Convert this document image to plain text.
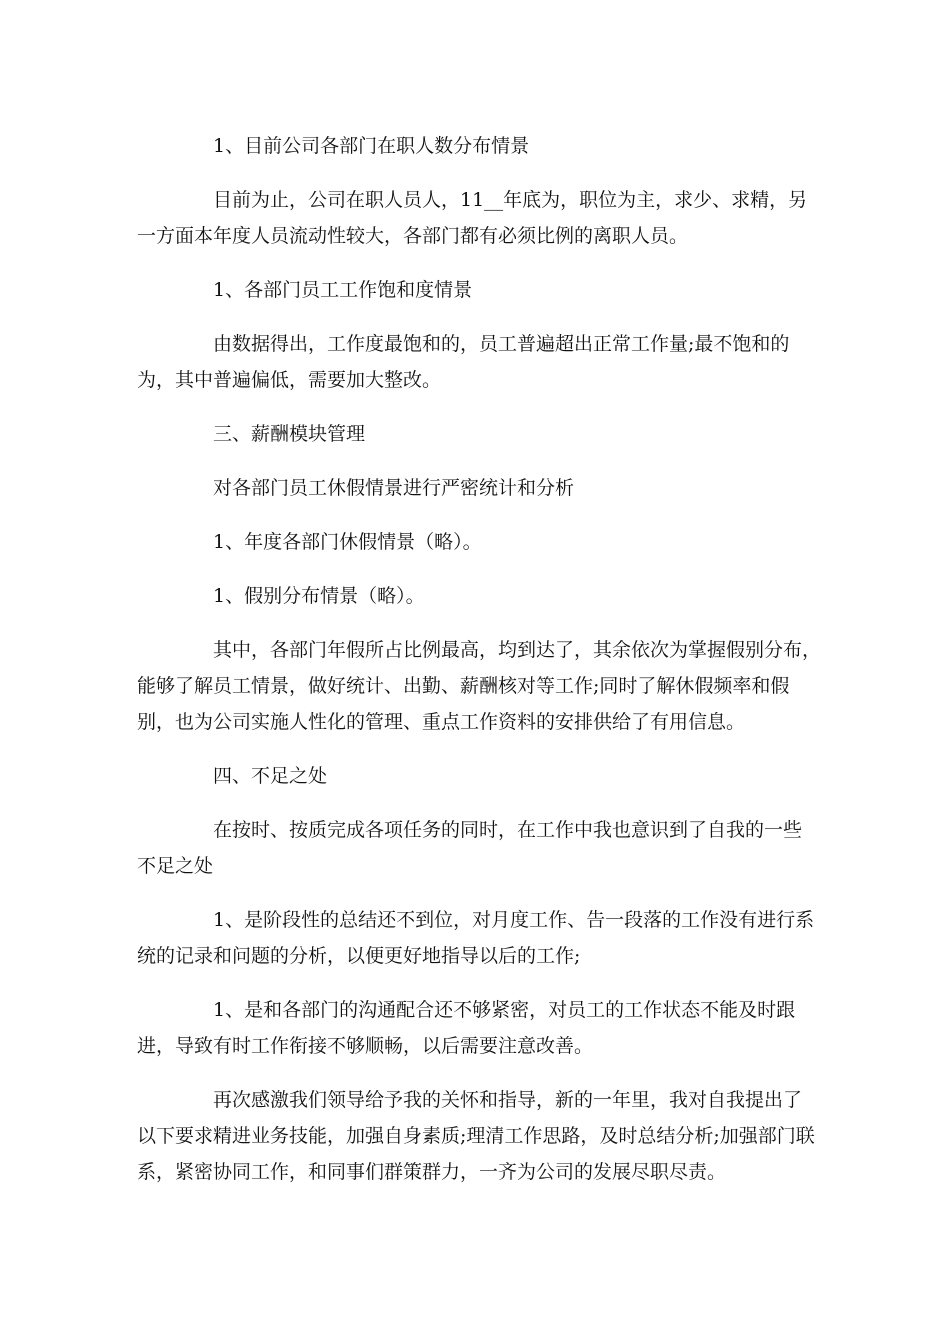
1、目前公司各部门在职人数分布情景

目前为止，公司在职人员人，11__年底为，职位为主，求少、求精，另一方面本年度人员流动性较大，各部门都有必须比例的离职人员。

1、各部门员工工作饱和度情景

由数据得出，工作度最饱和的，员工普遍超出正常工作量;最不饱和的为，其中普遍偏低，需要加大整改。

三、薪酬模块管理

对各部门员工休假情景进行严密统计和分析

1、年度各部门休假情景（略）。

1、假别分布情景（略）。

其中，各部门年假所占比例最高，均到达了，其余依次为掌握假别分布，能够了解员工情景，做好统计、出勤、薪酬核对等工作;同时了解休假频率和假别，也为公司实施人性化的管理、重点工作资料的安排供给了有用信息。

四、不足之处

在按时、按质完成各项任务的同时，在工作中我也意识到了自我的一些不足之处

1、是阶段性的总结还不到位，对月度工作、告一段落的工作没有进行系统的记录和问题的分析，以便更好地指导以后的工作;

1、是和各部门的沟通配合还不够紧密，对员工的工作状态不能及时跟进，导致有时工作衔接不够顺畅，以后需要注意改善。

再次感激我们领导给予我的关怀和指导，新的一年里，我对自我提出了以下要求精进业务技能，加强自身素质;理清工作思路，及时总结分析;加强部门联系，紧密协同工作，和同事们群策群力，一齐为公司的发展尽职尽责。
